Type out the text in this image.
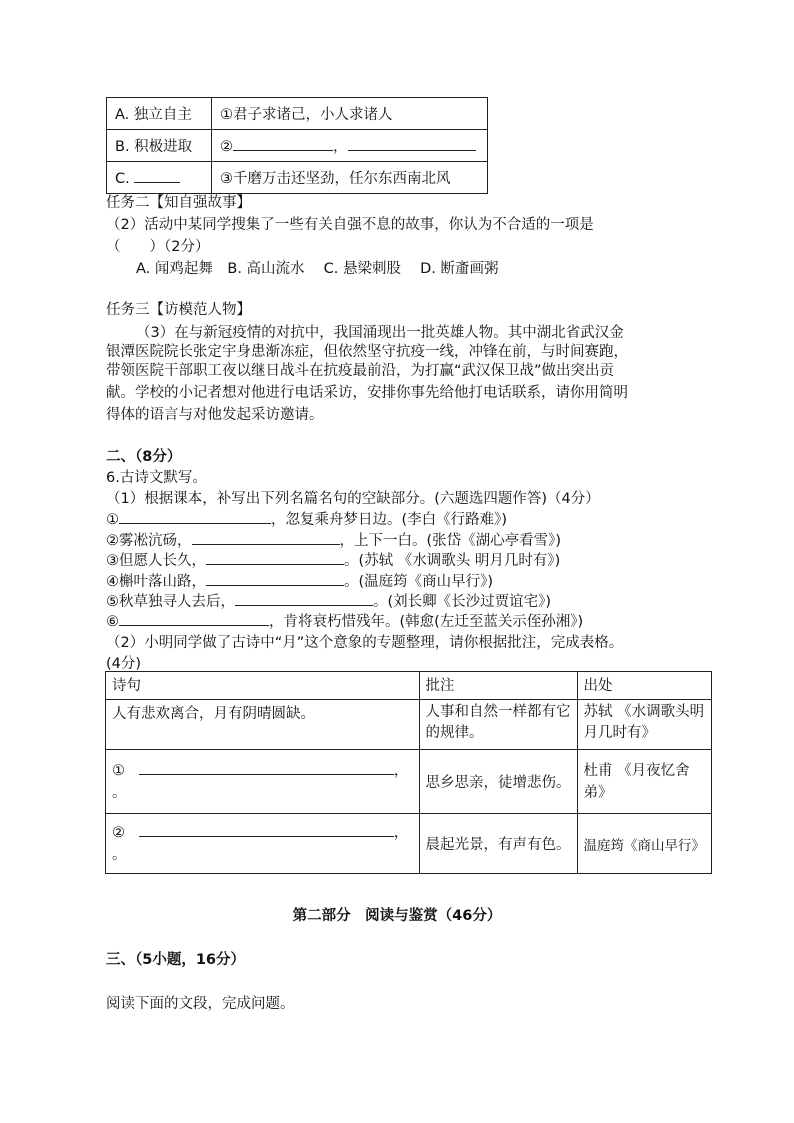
A. 独立自主	①君子求诸己，小人求诸人
B. 积极进取	② ，
C.	③千磨万击还坚劲，任尔东西南北风
任务二【知自强故事】
（2）活动中某同学搜集了一些有关自强不息的故事，你认为不合适的一项是
（　　）（2分）
A. 闻鸡起舞　B. 高山流水　 C. 悬梁刺股　 D. 断齑画粥
任务三【访模范人物】
（3）在与新冠疫情的对抗中，我国涌现出一批英雄人物。其中湖北省武汉金
银潭医院院长张定宇身患渐冻症，但依然坚守抗疫一线，冲锋在前，与时间赛跑，
带领医院干部职工夜以继日战斗在抗疫最前沿，为打赢“武汉保卫战”做出突出贡
献。学校的小记者想对他进行电话采访，安排你事先给他打电话联系，请你用简明
得体的语言与对他发起采访邀请。
二、（8分）
6.古诗文默写。
（1）根据课本，补写出下列名篇名句的空缺部分。(六题选四题作答)（4分）
①	，忽复乘舟梦日边。(李白《行路难》)
②雾凇沆砀，	，上下一白。(张岱《湖心亭看雪》)
③但愿人长久，	。(苏轼 《水调歌头 明月几时有》)
④槲叶落山路，	。(温庭筠《商山早行》)
⑤秋草独寻人去后，	。(刘长卿《长沙过贾谊宅》)
⑥	，肯将衰朽惜残年。(韩愈(左迁至蓝关示侄孙湘》)
（2）小明同学做了古诗中“月”这个意象的专题整理，请你根据批注，完成表格。
(4分)
诗句	批注	出处
人有悲欢离合，月有阴晴圆缺。	人事和自然一样都有它的规律。	苏轼 《水调歌头明月几时有》

① ，
。	思乡思亲，徒增悲伤。	杜甫 《月夜忆舍弟》

② ，
。	晨起光景，有声有色。	温庭筠《商山早行》
第二部分　阅读与鉴赏（46分）
三、（5小题，16分）
阅读下面的文段，完成问题。
